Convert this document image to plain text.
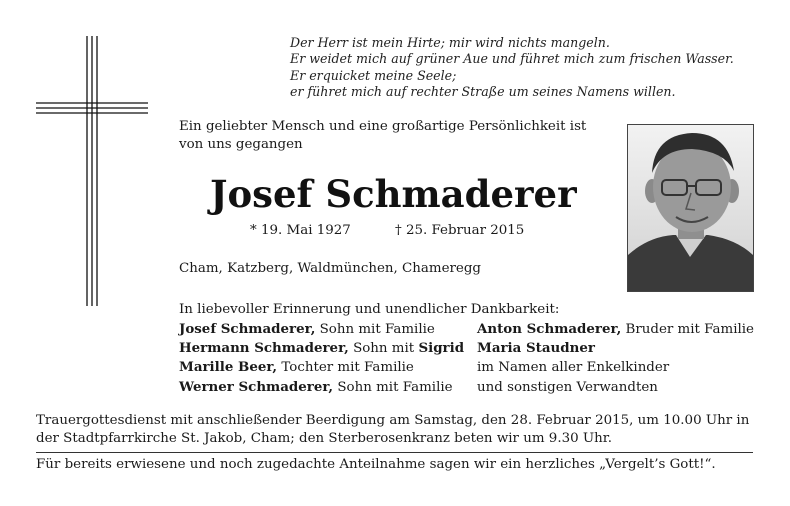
Der Herr ist mein Hirte; mir wird nichts mangeln.
Er weidet mich auf grüner Aue und führet mich zum frischen Wasser.
Er erquicket meine Seele;
er führet mich auf rechter Straße um seines Namens willen.
Ein geliebter Mensch und eine großartige Persönlichkeit ist
von uns gegangen
Josef Schmaderer
* 19. Mai 1927	† 25. Februar 2015
Cham, Katzberg, Waldmünchen, Chameregg
In liebevoller Erinnerung und unendlicher Dankbarkeit:
Josef Schmaderer, Sohn mit Familie
Hermann Schmaderer, Sohn mit Sigrid
Marille Beer, Tochter mit Familie
Werner Schmaderer, Sohn mit Familie
Anton Schmaderer, Bruder mit Familie
Maria Staudner
im Namen aller Enkelkinder
und sonstigen Verwandten
Trauergottesdienst mit anschließender Beerdigung am Samstag, den 28. Februar 2015, um 10.00 Uhr in
der Stadtpfarrkirche St. Jakob, Cham; den Sterberosenkranz beten wir um 9.30 Uhr.
Für bereits erwiesene und noch zugedachte Anteilnahme sagen wir ein herzliches „Vergelt’s Gott!“.
